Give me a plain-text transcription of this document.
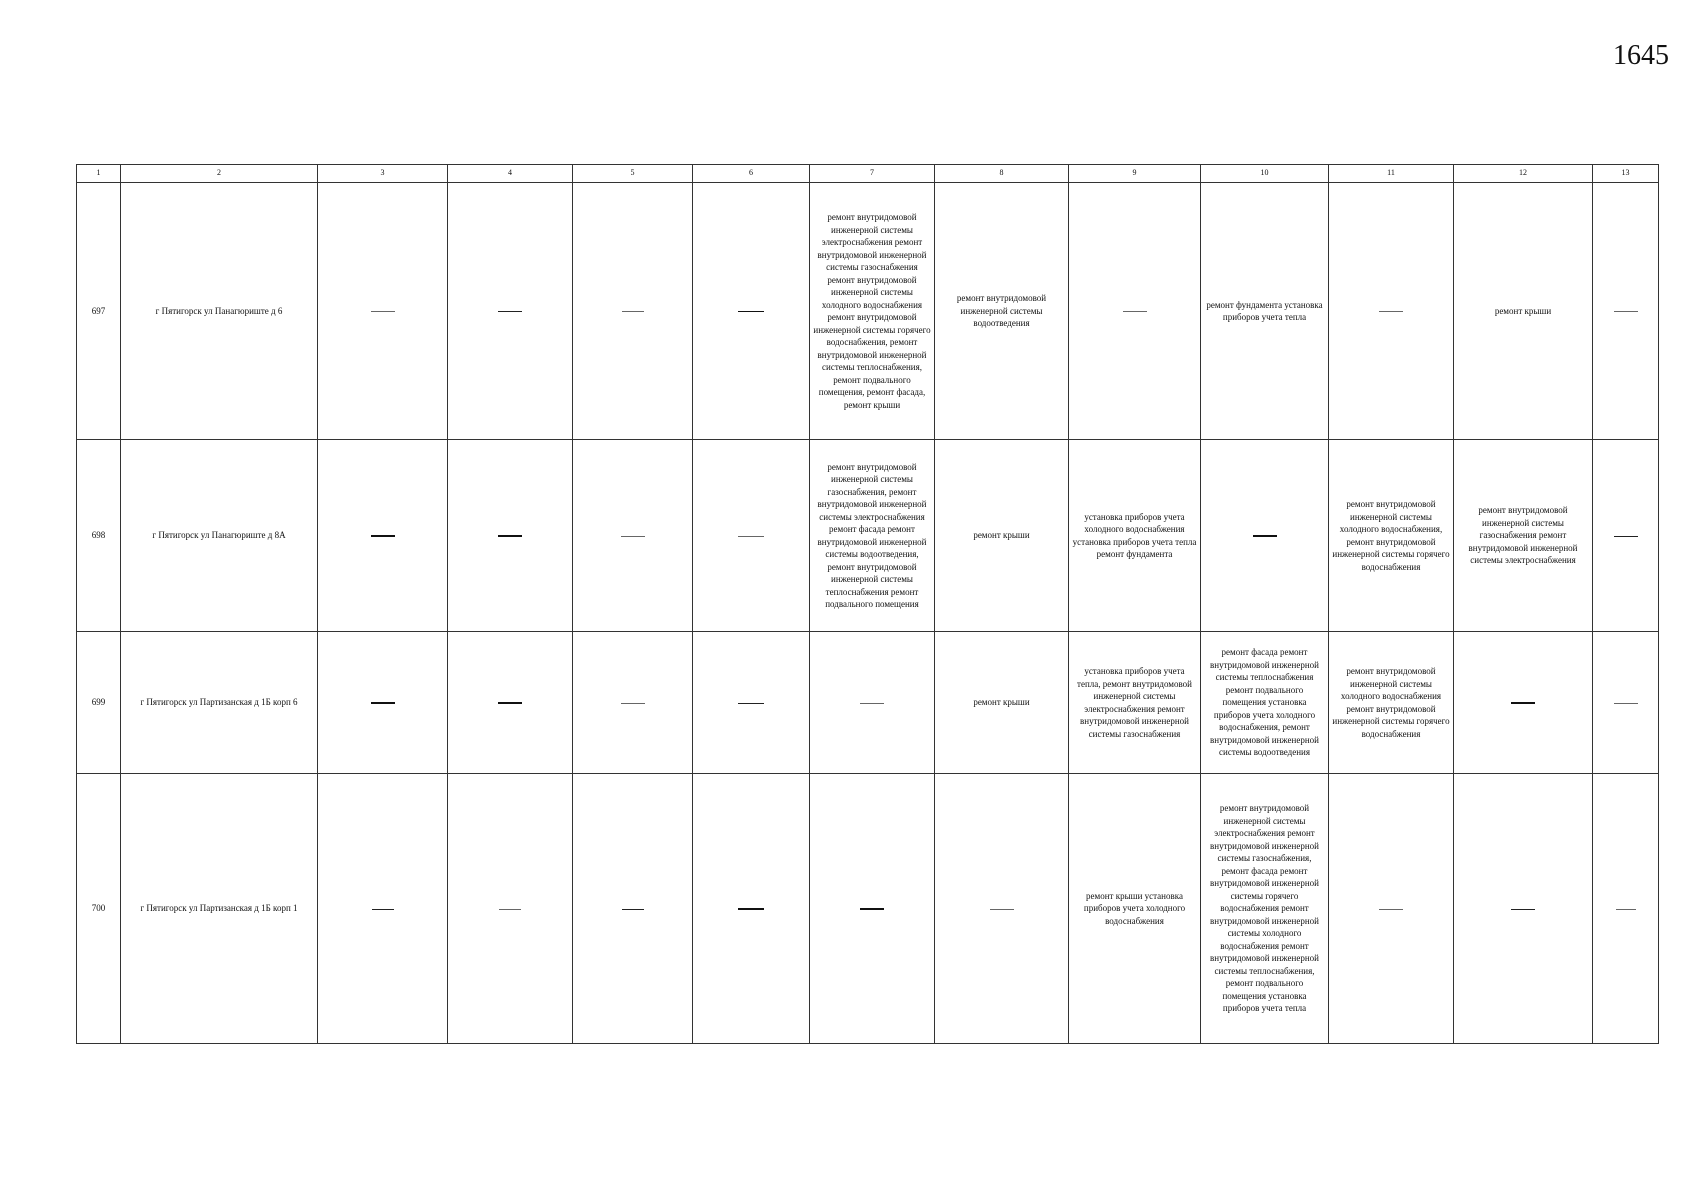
1645
1	2	3	4	5	6	7	8	9	10	11	12	13
697	г Пятигорск ул Панагюриште д 6					ремонт внутридомовой инженерной системы электроснабжения ремонт внутридомовой инженерной системы газоснабжения ремонт внутридомовой инженерной системы холодного водоснабжения ремонт внутридомовой инженерной системы горячего водоснабжения, ремонт внутридомовой инженерной системы теплоснабжения, ремонт подвального помещения, ремонт фасада, ремонт крыши	ремонт внутридомовой инженерной системы водоотведения		ремонт фундамента установка приборов учета тепла		ремонт крыши	
698	г Пятигорск ул Панагюриште д 8А					ремонт внутридомовой инженерной системы газоснабжения, ремонт внутридомовой инженерной системы электроснабжения ремонт фасада ремонт внутридомовой инженерной системы водоотведения, ремонт внутридомовой инженерной системы теплоснабжения ремонт подвального помещения	ремонт крыши	установка приборов учета холодного водоснабжения установка приборов учета тепла ремонт фундамента		ремонт внутридомовой инженерной системы холодного водоснабжения, ремонт внутридомовой инженерной системы горячего водоснабжения	ремонт внутридомовой инженерной системы газоснабжения ремонт внутридомовой инженерной системы электроснабжения	
699	г Пятигорск ул Партизанская д 1Б корп 6						ремонт крыши	установка приборов учета тепла, ремонт внутридомовой инженерной системы электроснабжения ремонт внутридомовой инженерной системы газоснабжения	ремонт фасада ремонт внутридомовой инженерной системы теплоснабжения ремонт подвального помещения установка приборов учета холодного водоснабжения, ремонт внутридомовой инженерной системы водоотведения	ремонт внутридомовой инженерной системы холодного водоснабжения ремонт внутридомовой инженерной системы горячего водоснабжения		
700	г Пятигорск ул Партизанская д 1Б корп 1							ремонт крыши установка приборов учета холодного водоснабжения	ремонт внутридомовой инженерной системы электроснабжения ремонт внутридомовой инженерной системы газоснабжения, ремонт фасада ремонт внутридомовой инженерной системы горячего водоснабжения ремонт внутридомовой инженерной системы холодного водоснабжения ремонт внутридомовой инженерной системы теплоснабжения, ремонт подвального помещения установка приборов учета тепла			
